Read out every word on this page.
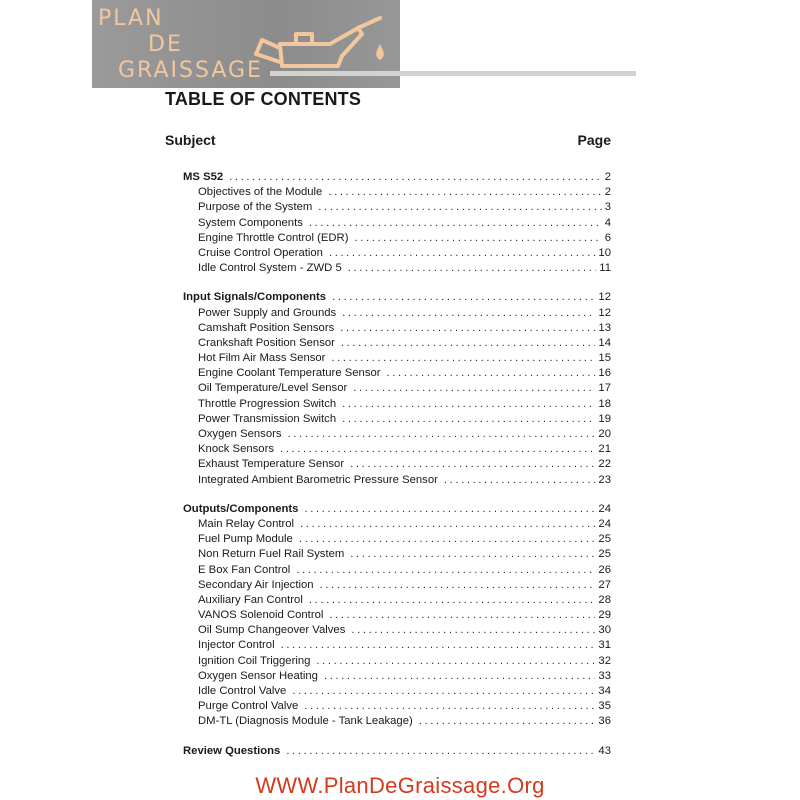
PLAN
DE
GRAISSAGE
TABLE OF CONTENTS
Subject	Page
MS S52 .....	2
Objectives of the Module .....	2
Purpose of the System .....	3
System Components .....	4
Engine Throttle Control (EDR) .....	6
Cruise Control Operation .....	10
Idle Control System - ZWD 5 .....	11
Input Signals/Components .....	12
Power Supply and Grounds .....	12
Camshaft Position Sensors .....	13
Crankshaft Position Sensor .....	14
Hot Film Air Mass Sensor .....	15
Engine Coolant Temperature Sensor .....	16
Oil Temperature/Level Sensor .....	17
Throttle Progression Switch .....	18
Power Transmission Switch .....	19
Oxygen Sensors .....	20
Knock Sensors .....	21
Exhaust Temperature Sensor .....	22
Integrated Ambient Barometric Pressure Sensor .....	23
Outputs/Components .....	24
Main Relay Control .....	24
Fuel Pump Module .....	25
Non Return Fuel Rail System .....	25
E Box Fan Control .....	26
Secondary Air Injection .....	27
Auxiliary Fan Control .....	28
VANOS Solenoid Control .....	29
Oil Sump Changeover Valves .....	30
Injector Control .....	31
Ignition Coil Triggering .....	32
Oxygen Sensor Heating .....	33
Idle Control Valve .....	34
Purge Control Valve .....	35
DM-TL (Diagnosis Module - Tank Leakage) .....	36
Review Questions .....	43
WWW.PlanDeGraissage.Org
